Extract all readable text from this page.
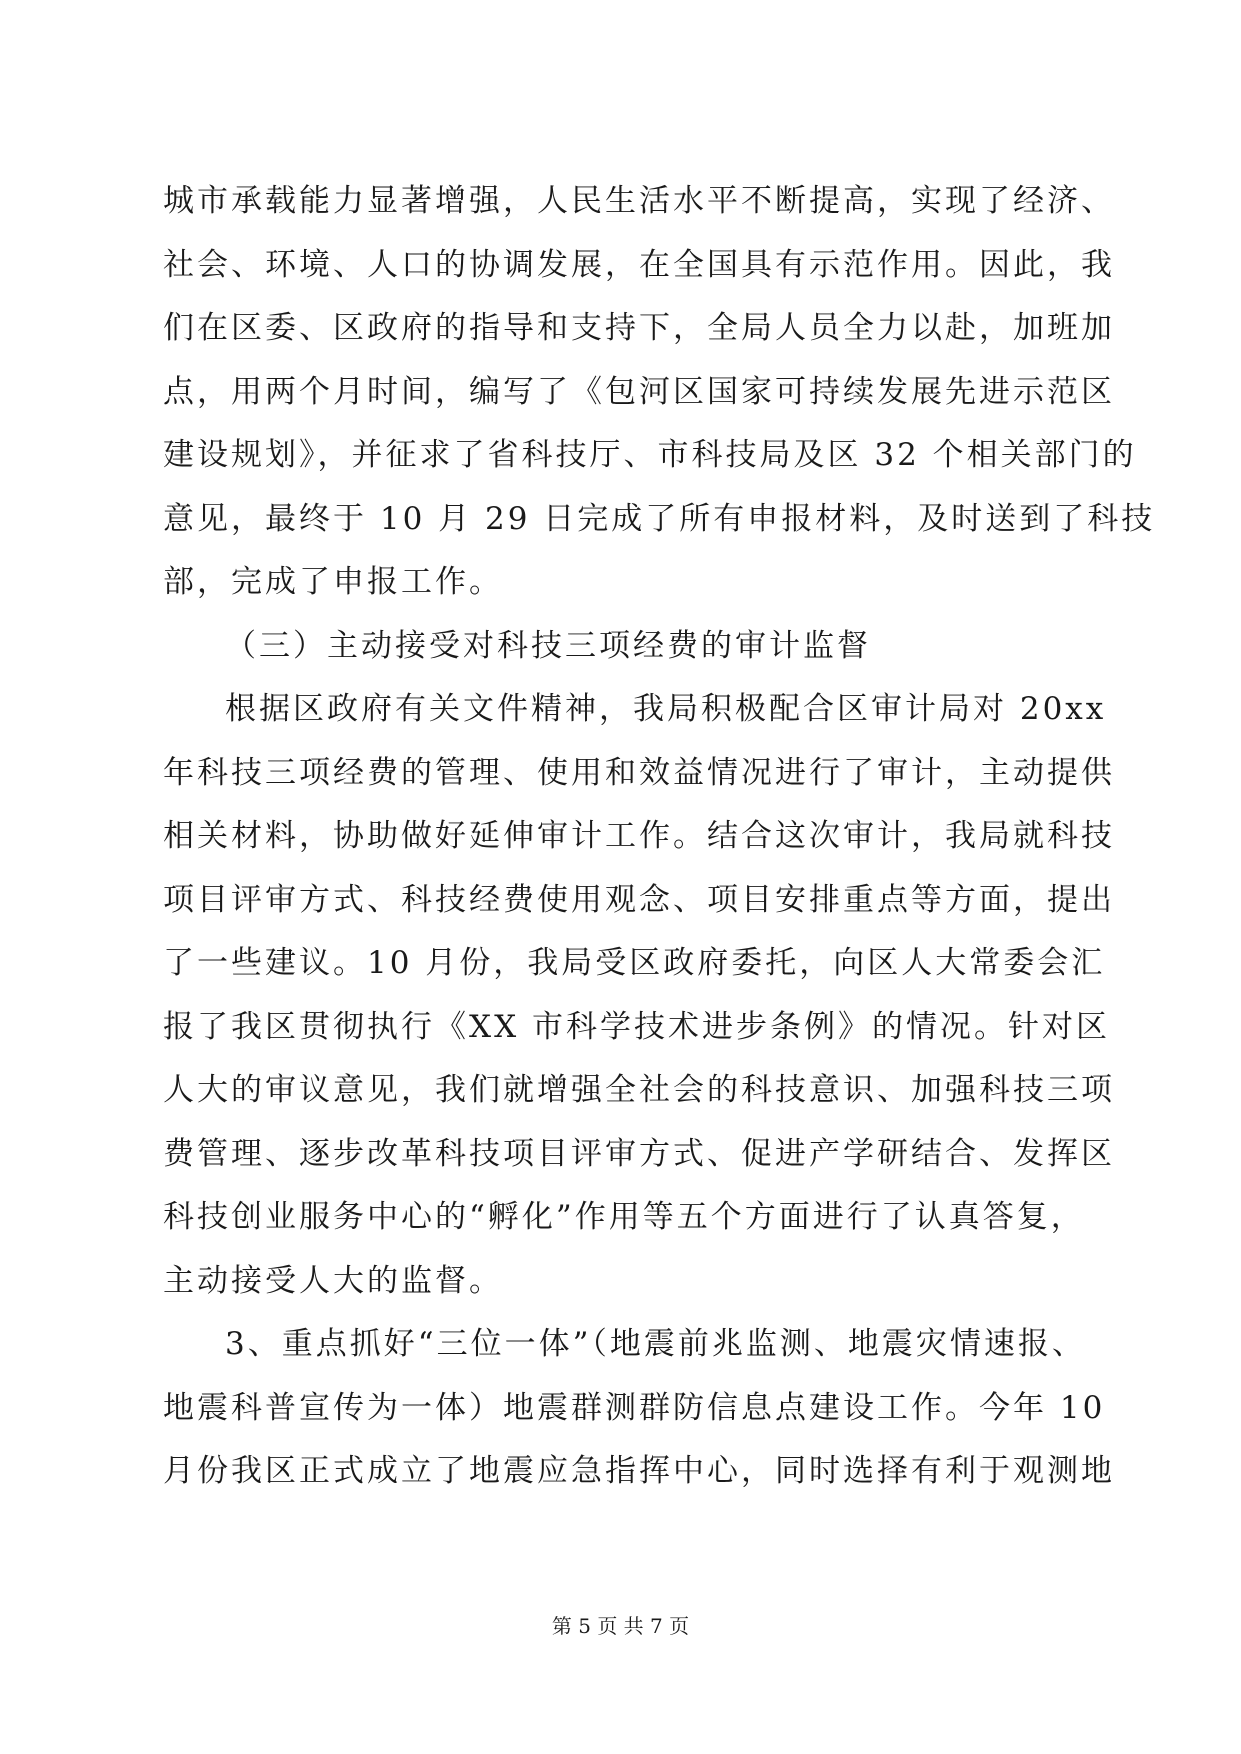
城市承载能力显著增强，人民生活水平不断提高，实现了经济、
社会、环境、人口的协调发展，在全国具有示范作用。因此，我
们在区委、区政府的指导和支持下，全局人员全力以赴，加班加
点，用两个月时间，编写了《包河区国家可持续发展先进示范区
建设规划》，并征求了省科技厅、市科技局及区 32 个相关部门的
意见，最终于 10 月 29 日完成了所有申报材料，及时送到了科技
部，完成了申报工作。
（三）主动接受对科技三项经费的审计监督
根据区政府有关文件精神，我局积极配合区审计局对 20xx
年科技三项经费的管理、使用和效益情况进行了审计，主动提供
相关材料，协助做好延伸审计工作。结合这次审计，我局就科技
项目评审方式、科技经费使用观念、项目安排重点等方面，提出
了一些建议。10 月份，我局受区政府委托，向区人大常委会汇
报了我区贯彻执行《XX 市科学技术进步条例》的情况。针对区
人大的审议意见，我们就增强全社会的科技意识、加强科技三项
费管理、逐步改革科技项目评审方式、促进产学研结合、发挥区
科技创业服务中心的“孵化”作用等五个方面进行了认真答复，
主动接受人大的监督。
3、重点抓好“三位一体”（地震前兆监测、地震灾情速报、
地震科普宣传为一体）地震群测群防信息点建设工作。今年 10
月份我区正式成立了地震应急指挥中心，同时选择有利于观测地
第 5 页 共 7 页
